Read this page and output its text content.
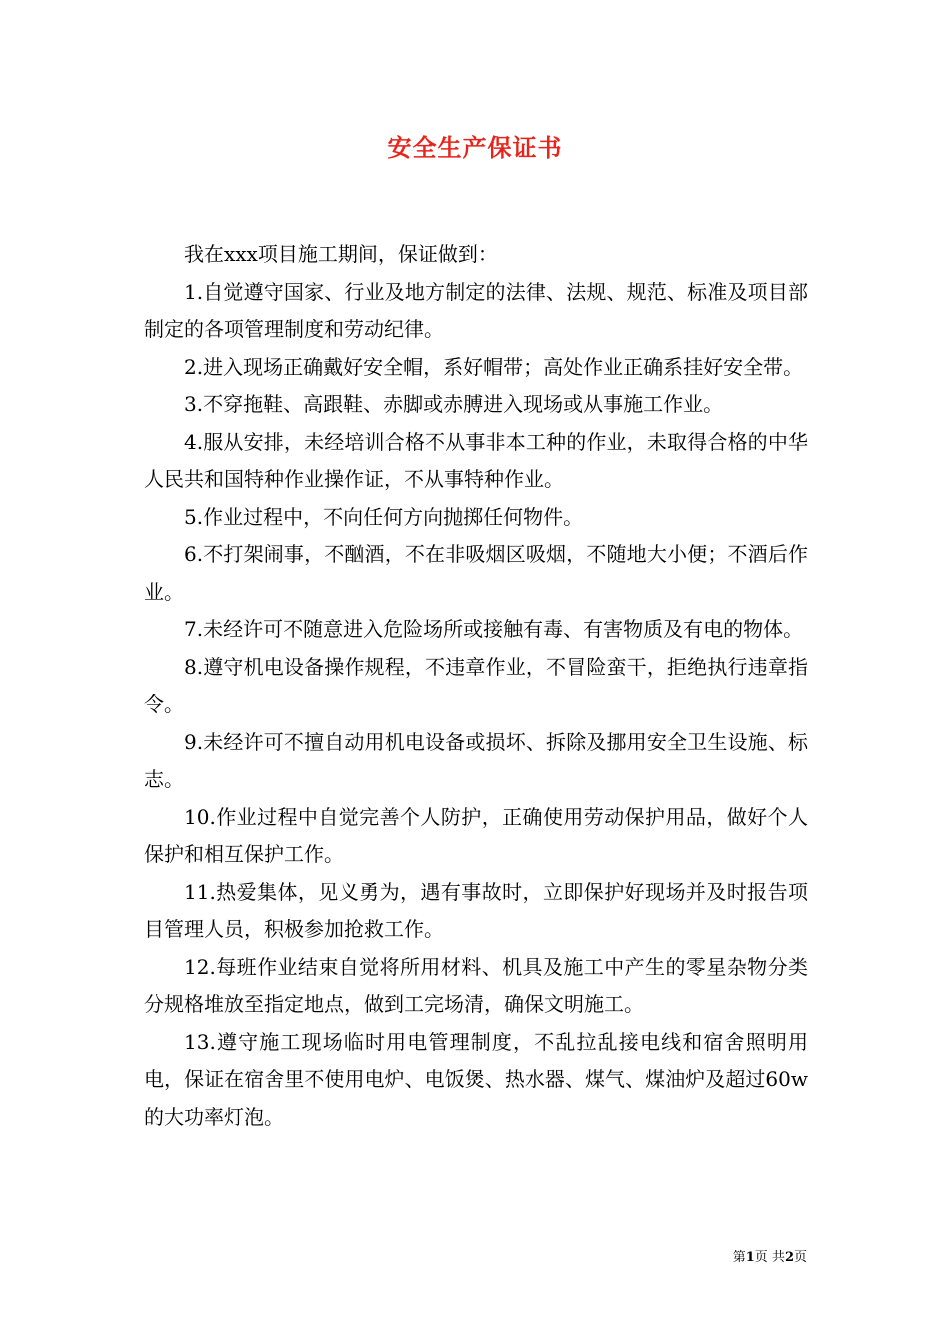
安全生产保证书

我在xxx项目施工期间，保证做到：

1.自觉遵守国家、行业及地方制定的法律、法规、规范、标准及项目部制定的各项管理制度和劳动纪律。

2.进入现场正确戴好安全帽，系好帽带；高处作业正确系挂好安全带。

3.不穿拖鞋、高跟鞋、赤脚或赤膊进入现场或从事施工作业。

4.服从安排，未经培训合格不从事非本工种的作业，未取得合格的中华人民共和国特种作业操作证，不从事特种作业。

5.作业过程中，不向任何方向抛掷任何物件。

6.不打架闹事，不酗酒，不在非吸烟区吸烟，不随地大小便；不酒后作业。

7.未经许可不随意进入危险场所或接触有毒、有害物质及有电的物体。

8.遵守机电设备操作规程，不违章作业，不冒险蛮干，拒绝执行违章指令。

9.未经许可不擅自动用机电设备或损坏、拆除及挪用安全卫生设施、标志。

10.作业过程中自觉完善个人防护，正确使用劳动保护用品，做好个人保护和相互保护工作。

11.热爱集体，见义勇为，遇有事故时，立即保护好现场并及时报告项目管理人员，积极参加抢救工作。

12.每班作业结束自觉将所用材料、机具及施工中产生的零星杂物分类分规格堆放至指定地点，做到工完场清，确保文明施工。

13.遵守施工现场临时用电管理制度，不乱拉乱接电线和宿舍照明用电，保证在宿舍里不使用电炉、电饭煲、热水器、煤气、煤油炉及超过60w的大功率灯泡。

第1页 共2页
